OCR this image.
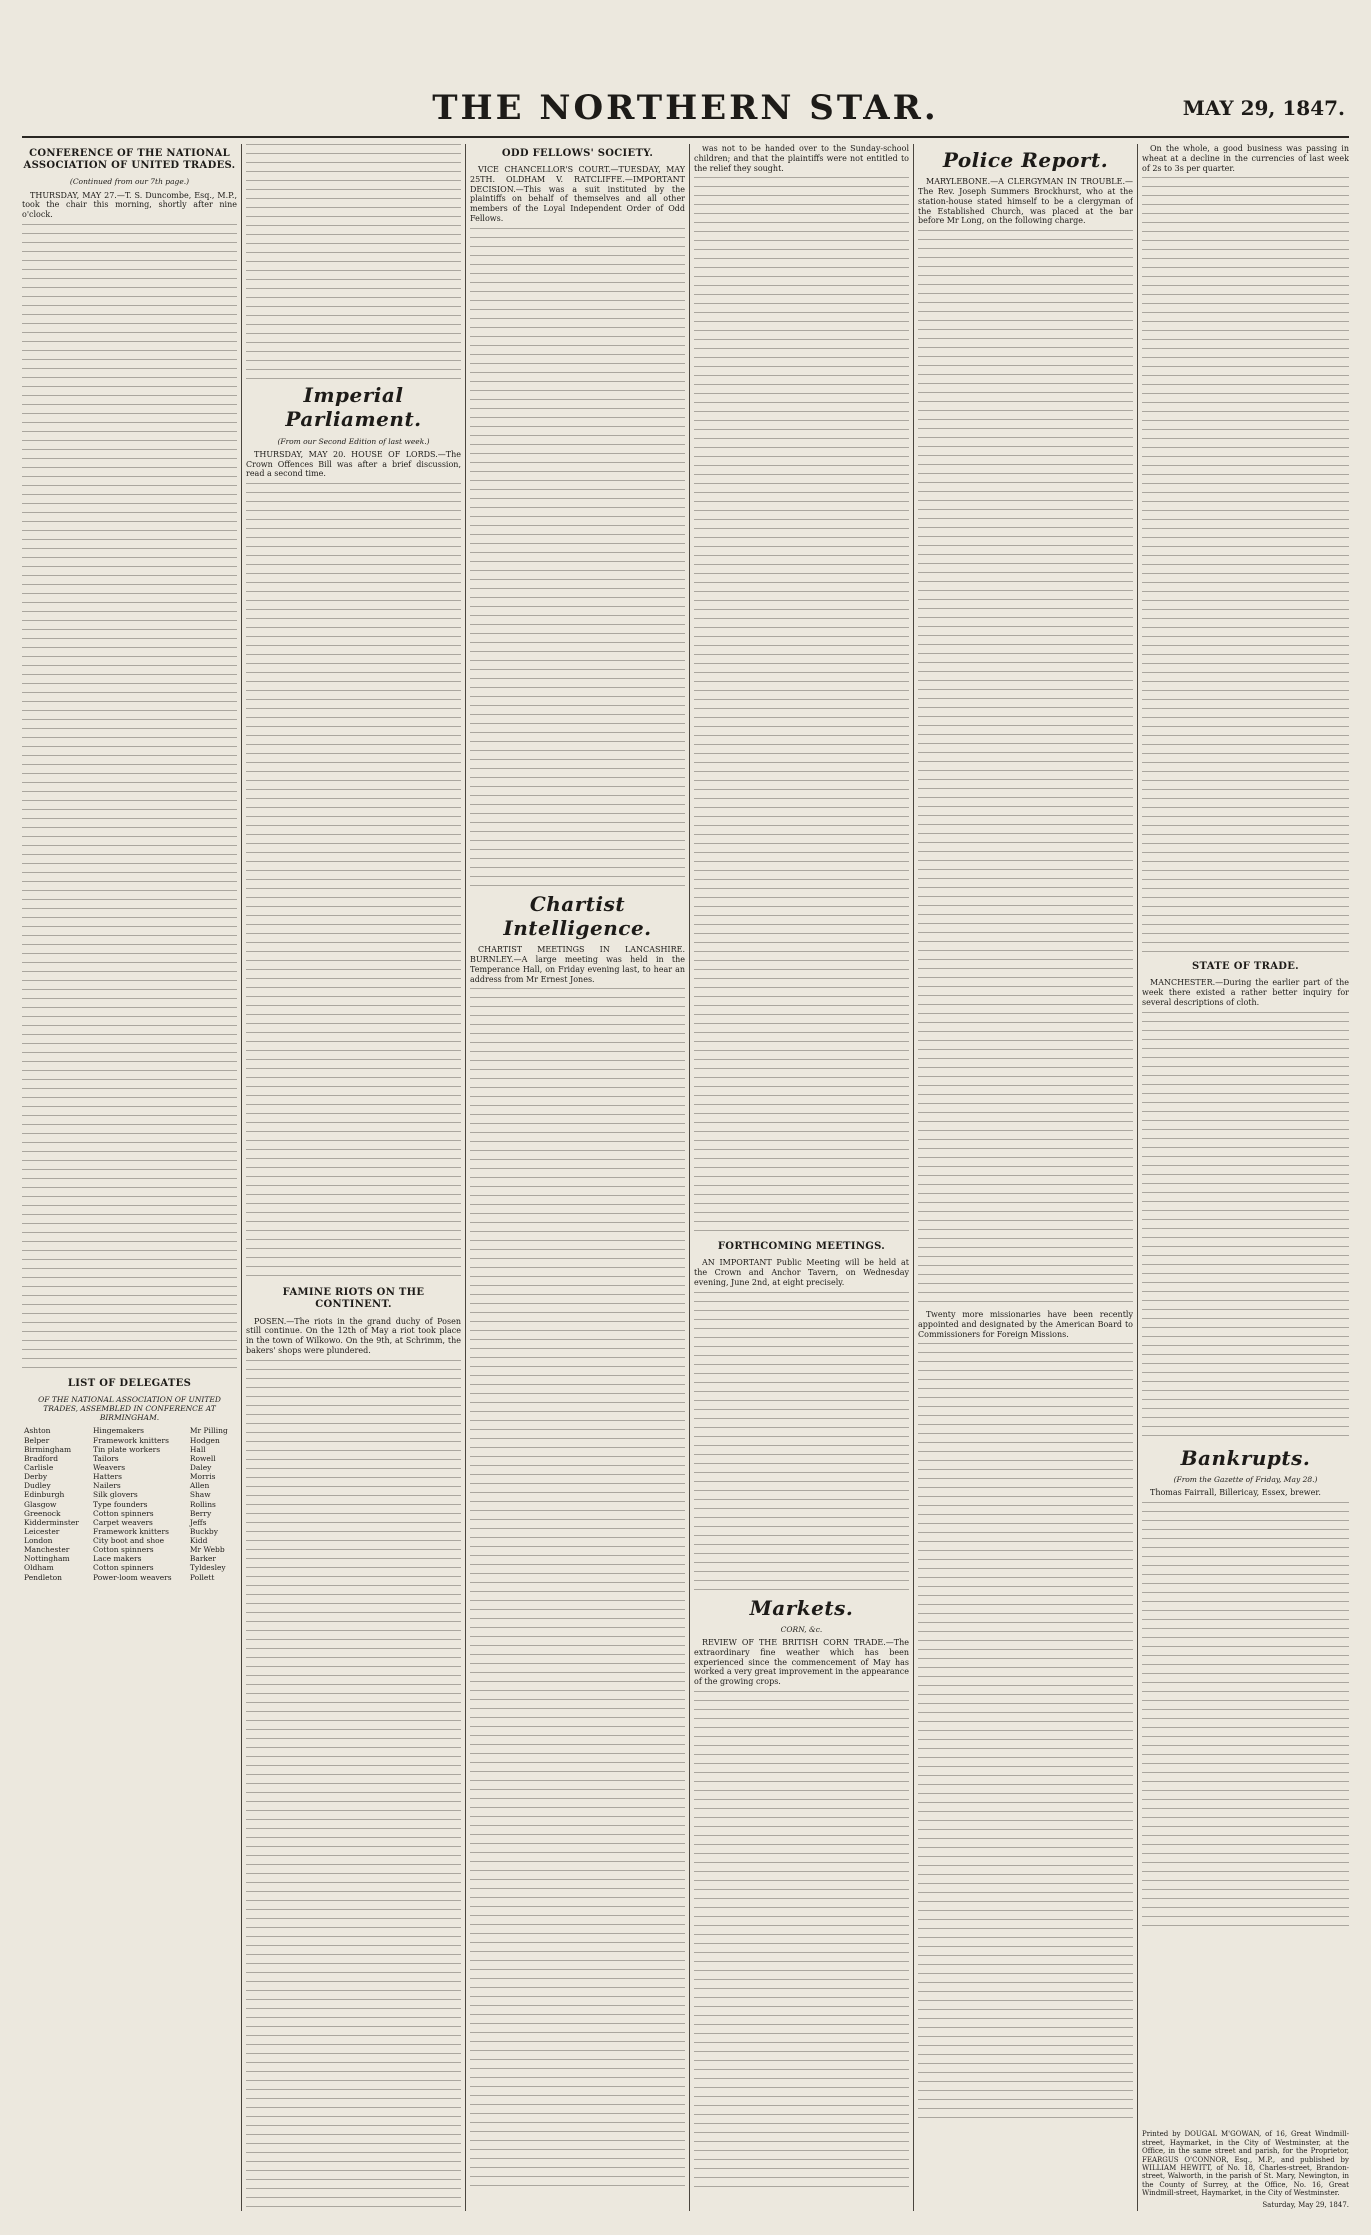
THE NORTHERN STAR.	MAY 29, 1847.
CONFERENCE OF THE NATIONAL ASSOCIATION OF UNITED TRADES.
(Continued from our 7th page.)

THURSDAY, MAY 27.—T. S. Duncombe, Esq., M.P., took the chair this morning, shortly after nine o'clock.

LIST OF DELEGATES
OF THE NATIONAL ASSOCIATION OF UNITED TRADES, ASSEMBLED IN CONFERENCE AT BIRMINGHAM.
Ashton	Hingemakers	Mr Pilling
Belper	Framework knitters	Hodgen
Birmingham	Tin plate workers	Hall
Bradford	Tailors	Rowell
Carlisle	Weavers	Daley
Derby	Hatters	Morris
Dudley	Nailers	Allen
Edinburgh	Silk glovers	Shaw
Glasgow	Type founders	Rollins
Greenock	Cotton spinners	Berry
Kidderminster	Carpet weavers	Jeffs
Leicester	Framework knitters	Buckby
London	City boot and shoe	Kidd
Manchester	Cotton spinners	Mr Webb
Nottingham	Lace makers	Barker
Oldham	Cotton spinners	Tyldesley
Pendleton	Power-loom weavers	Pollett
Imperial Parliament.
(From our Second Edition of last week.)

THURSDAY, MAY 20. HOUSE OF LORDS.—The Crown Offences Bill was after a brief discussion, read a second time.

FAMINE RIOTS ON THE CONTINENT.

POSEN.—The riots in the grand duchy of Posen still continue. On the 12th of May a riot took place in the town of Wilkowo. On the 9th, at Schrimm, the bakers' shops were plundered.

ODD FELLOWS' SOCIETY.

VICE CHANCELLOR'S COURT.—TUESDAY, MAY 25TH. OLDHAM V. RATCLIFFE.—IMPORTANT DECISION.—This was a suit instituted by the plaintiffs on behalf of themselves and all other members of the Loyal Independent Order of Odd Fellows.

Chartist Intelligence.

CHARTIST MEETINGS IN LANCASHIRE. BURNLEY.—A large meeting was held in the Temperance Hall, on Friday evening last, to hear an address from Mr Ernest Jones.

was not to be handed over to the Sunday-school children; and that the plaintiffs were not entitled to the relief they sought.

FORTHCOMING MEETINGS.

AN IMPORTANT Public Meeting will be held at the Crown and Anchor Tavern, on Wednesday evening, June 2nd, at eight precisely.

Markets.
CORN, &c.

REVIEW OF THE BRITISH CORN TRADE.—The extraordinary fine weather which has been experienced since the commencement of May has worked a very great improvement in the appearance of the growing crops.

Police Report.

MARYLEBONE.—A CLERGYMAN IN TROUBLE.—The Rev. Joseph Summers Brockhurst, who at the station-house stated himself to be a clergyman of the Established Church, was placed at the bar before Mr Long, on the following charge.

Twenty more missionaries have been recently appointed and designated by the American Board to Commissioners for Foreign Missions.

On the whole, a good business was passing in wheat at a decline in the currencies of last week of 2s to 3s per quarter.

STATE OF TRADE.

MANCHESTER.—During the earlier part of the week there existed a rather better inquiry for several descriptions of cloth.

Bankrupts.
(From the Gazette of Friday, May 28.)

Thomas Fairrall, Billericay, Essex, brewer.

Printed by DOUGAL M'GOWAN, of 16, Great Windmill-street, Haymarket, in the City of Westminster, at the Office, in the same street and parish, for the Proprietor, FEARGUS O'CONNOR, Esq., M.P., and published by WILLIAM HEWITT, of No. 18, Charles-street, Brandon-street, Walworth, in the parish of St. Mary, Newington, in the County of Surrey, at the Office, No. 16, Great Windmill-street, Haymarket, in the City of Westminster.
Saturday, May 29, 1847.
